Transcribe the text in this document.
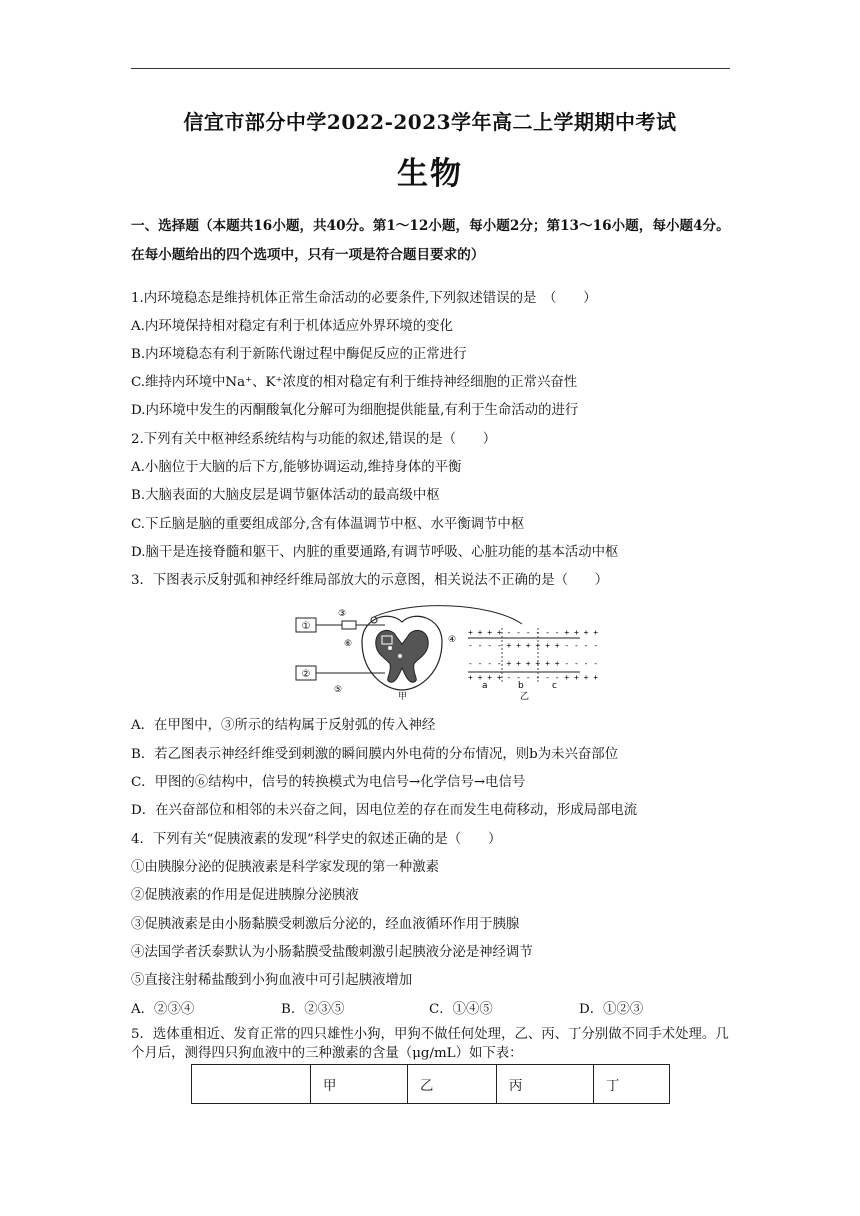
信宜市部分中学2022-2023学年高二上学期期中考试
生物
一、选择题（本题共16小题，共40分。第1～12小题，每小题2分；第13～16小题，每小题4分。在每小题给出的四个选项中，只有一项是符合题目要求的）
1.内环境稳态是维持机体正常生命活动的必要条件,下列叙述错误的是　（　　）
A.内环境保持相对稳定有利于机体适应外界环境的变化
B.内环境稳态有利于新陈代谢过程中酶促反应的正常进行
C.维持内环境中Na⁺、K⁺浓度的相对稳定有利于维持神经细胞的正常兴奋性
D.内环境中发生的丙酮酸氧化分解可为细胞提供能量,有利于生命活动的进行
2.下列有关中枢神经系统结构与功能的叙述,错误的是（　　）
A.小脑位于大脑的后下方,能够协调运动,维持身体的平衡
B.大脑表面的大脑皮层是调节躯体活动的最高级中枢
C.下丘脑是脑的重要组成部分,含有体温调节中枢、水平衡调节中枢
D.脑干是连接脊髓和躯干、内脏的重要通路,有调节呼吸、心脏功能的基本活动中枢
3．下图表示反射弧和神经纤维局部放大的示意图，相关说法不正确的是（　　）
①
②
③
⑤
⑥	④
甲
+ + + + - - - - - - + + + +
- - - - + + + + + + - - - -
- - - - + + + + + + - - - -
+ + + + - - - - - - + + + +
a	b	c
乙
A．在甲图中，③所示的结构属于反射弧的传入神经
B．若乙图表示神经纤维受到刺激的瞬间膜内外电荷的分布情况，则b为未兴奋部位
C．甲图的⑥结构中，信号的转换模式为电信号→化学信号→电信号
D．在兴奋部位和相邻的未兴奋之间，因电位差的存在而发生电荷移动，形成局部电流
4．下列有关“促胰液素的发现”科学史的叙述正确的是（　　）
①由胰腺分泌的促胰液素是科学家发现的第一种激素
②促胰液素的作用是促进胰腺分泌胰液
③促胰液素是由小肠黏膜受刺激后分泌的，经血液循环作用于胰腺
④法国学者沃泰默认为小肠黏膜受盐酸刺激引起胰液分泌是神经调节
⑤直接注射稀盐酸到小狗血液中可引起胰液增加
A．②③④	B．②③⑤	C．①④⑤	D．①②③
5．选体重相近、发育正常的四只雄性小狗，甲狗不做任何处理，乙、丙、丁分别做不同手术处理。几个月后，测得四只狗血液中的三种激素的含量（μg/mL）如下表：
	甲	乙	丙	丁
